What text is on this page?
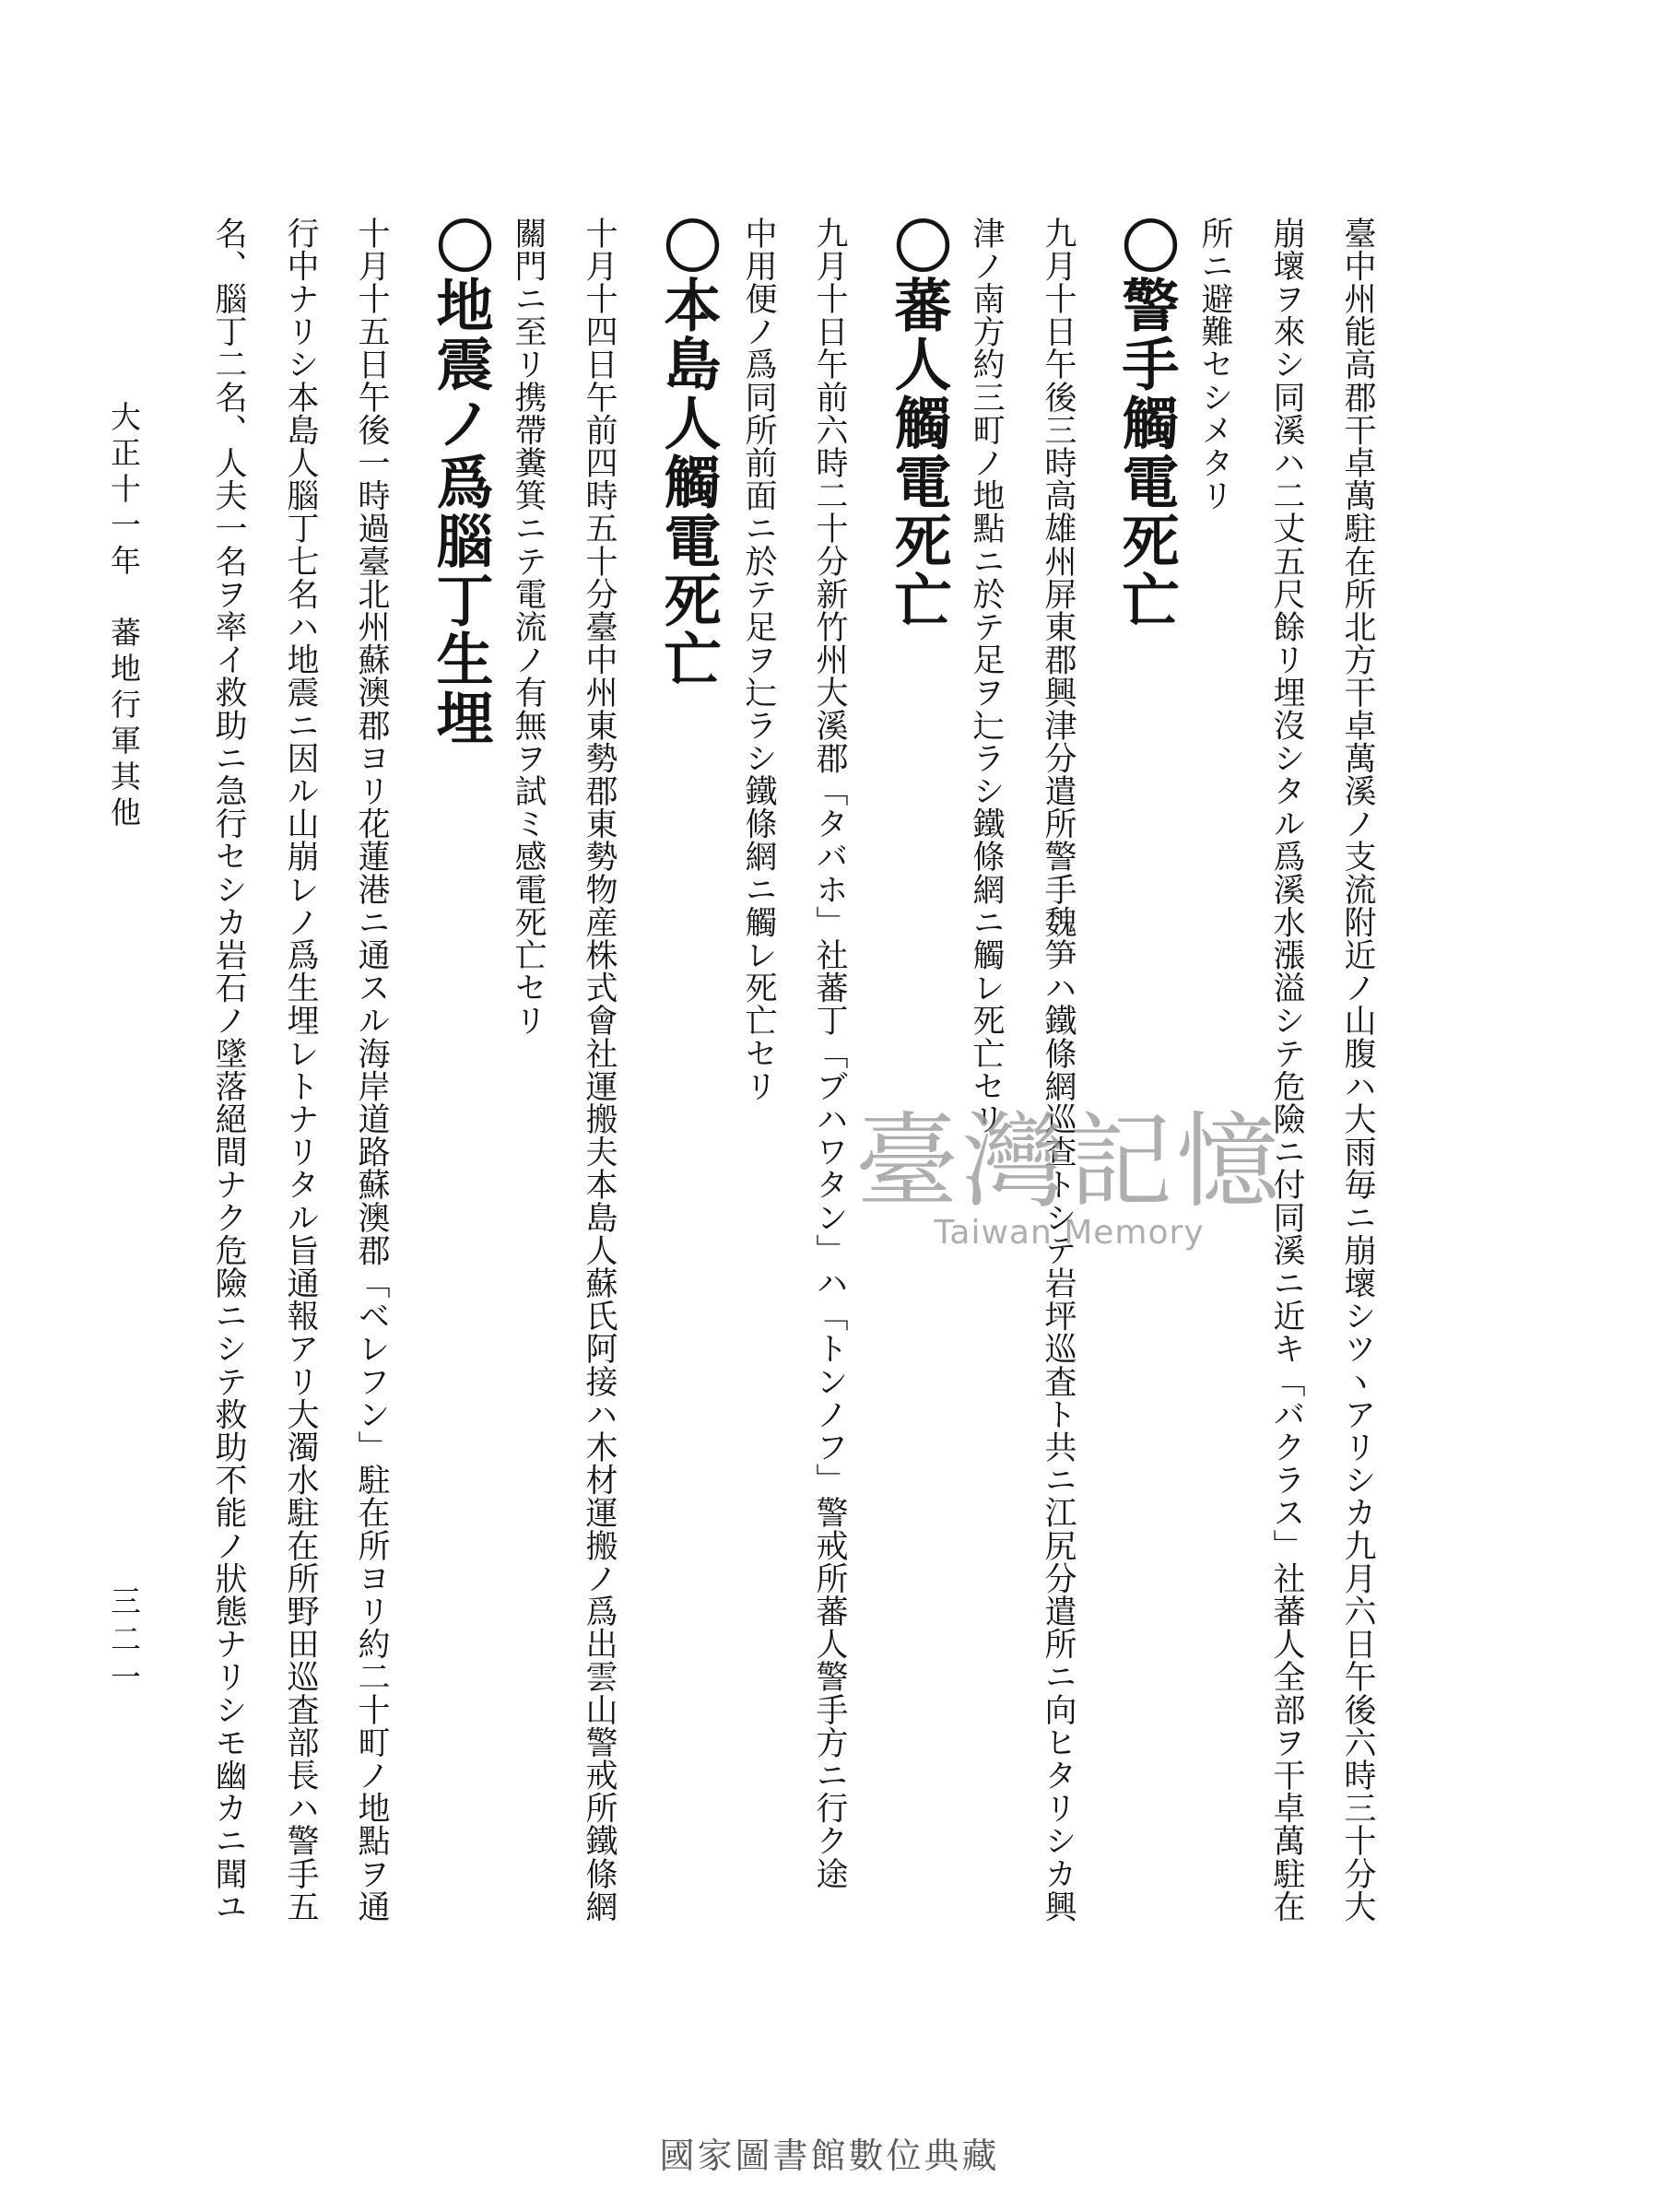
臺中州能高郡干卓萬駐在所北方干卓萬溪ノ支流附近ノ山腹ハ大雨毎ニ崩壞シツヽアリシカ九月六日午後六時三十分大
崩壞ヲ來シ同溪ハ二丈五尺餘リ埋沒シタル爲溪水漲溢シテ危險ニ付同溪ニ近キ「バクラス」社蕃人全部ヲ干卓萬駐在
所ニ避難セシメタリ
〇警手觸電死亡
九月十日午後三時高雄州屏東郡興津分遣所警手魏笋ハ鐵條網巡查トシテ岩坪巡査ト共ニ江尻分遣所ニ向ヒタリシカ興
津ノ南方約三町ノ地點ニ於テ足ヲ辷ラシ鐵條網ニ觸レ死亡セリ
〇蕃人觸電死亡
九月十日午前六時二十分新竹州大溪郡「タバホ」社蕃丁「ブハワタン」ハ「トンノフ」警戒所蕃人警手方ニ行ク途
中用便ノ爲同所前面ニ於テ足ヲ辷ラシ鐵條網ニ觸レ死亡セリ
〇本島人觸電死亡
十月十四日午前四時五十分臺中州東勢郡東勢物産株式會社運搬夫本島人蘇氏阿接ハ木材運搬ノ爲出雲山警戒所鐵條網
關門ニ至リ携帶糞箕ニテ電流ノ有無ヲ試ミ感電死亡セリ
〇地震ノ爲腦丁生埋
十月十五日午後一時過臺北州蘇澳郡ヨリ花蓮港ニ通スル海岸道路蘇澳郡「ベレフン」駐在所ヨリ約二十町ノ地點ヲ通
行中ナリシ本島人腦丁七名ハ地震ニ因ル山崩レノ爲生埋レトナリタル旨通報アリ大濁水駐在所野田巡査部長ハ警手五
名、腦丁二名、人夫一名ヲ率イ救助ニ急行セシカ岩石ノ墜落絕間ナク危險ニシテ救助不能ノ狀態ナリシモ幽カニ聞ユ
大正十一年　蕃地行軍其他
三二一
臺灣記憶
Taiwan Memory
國家圖書館數位典藏
